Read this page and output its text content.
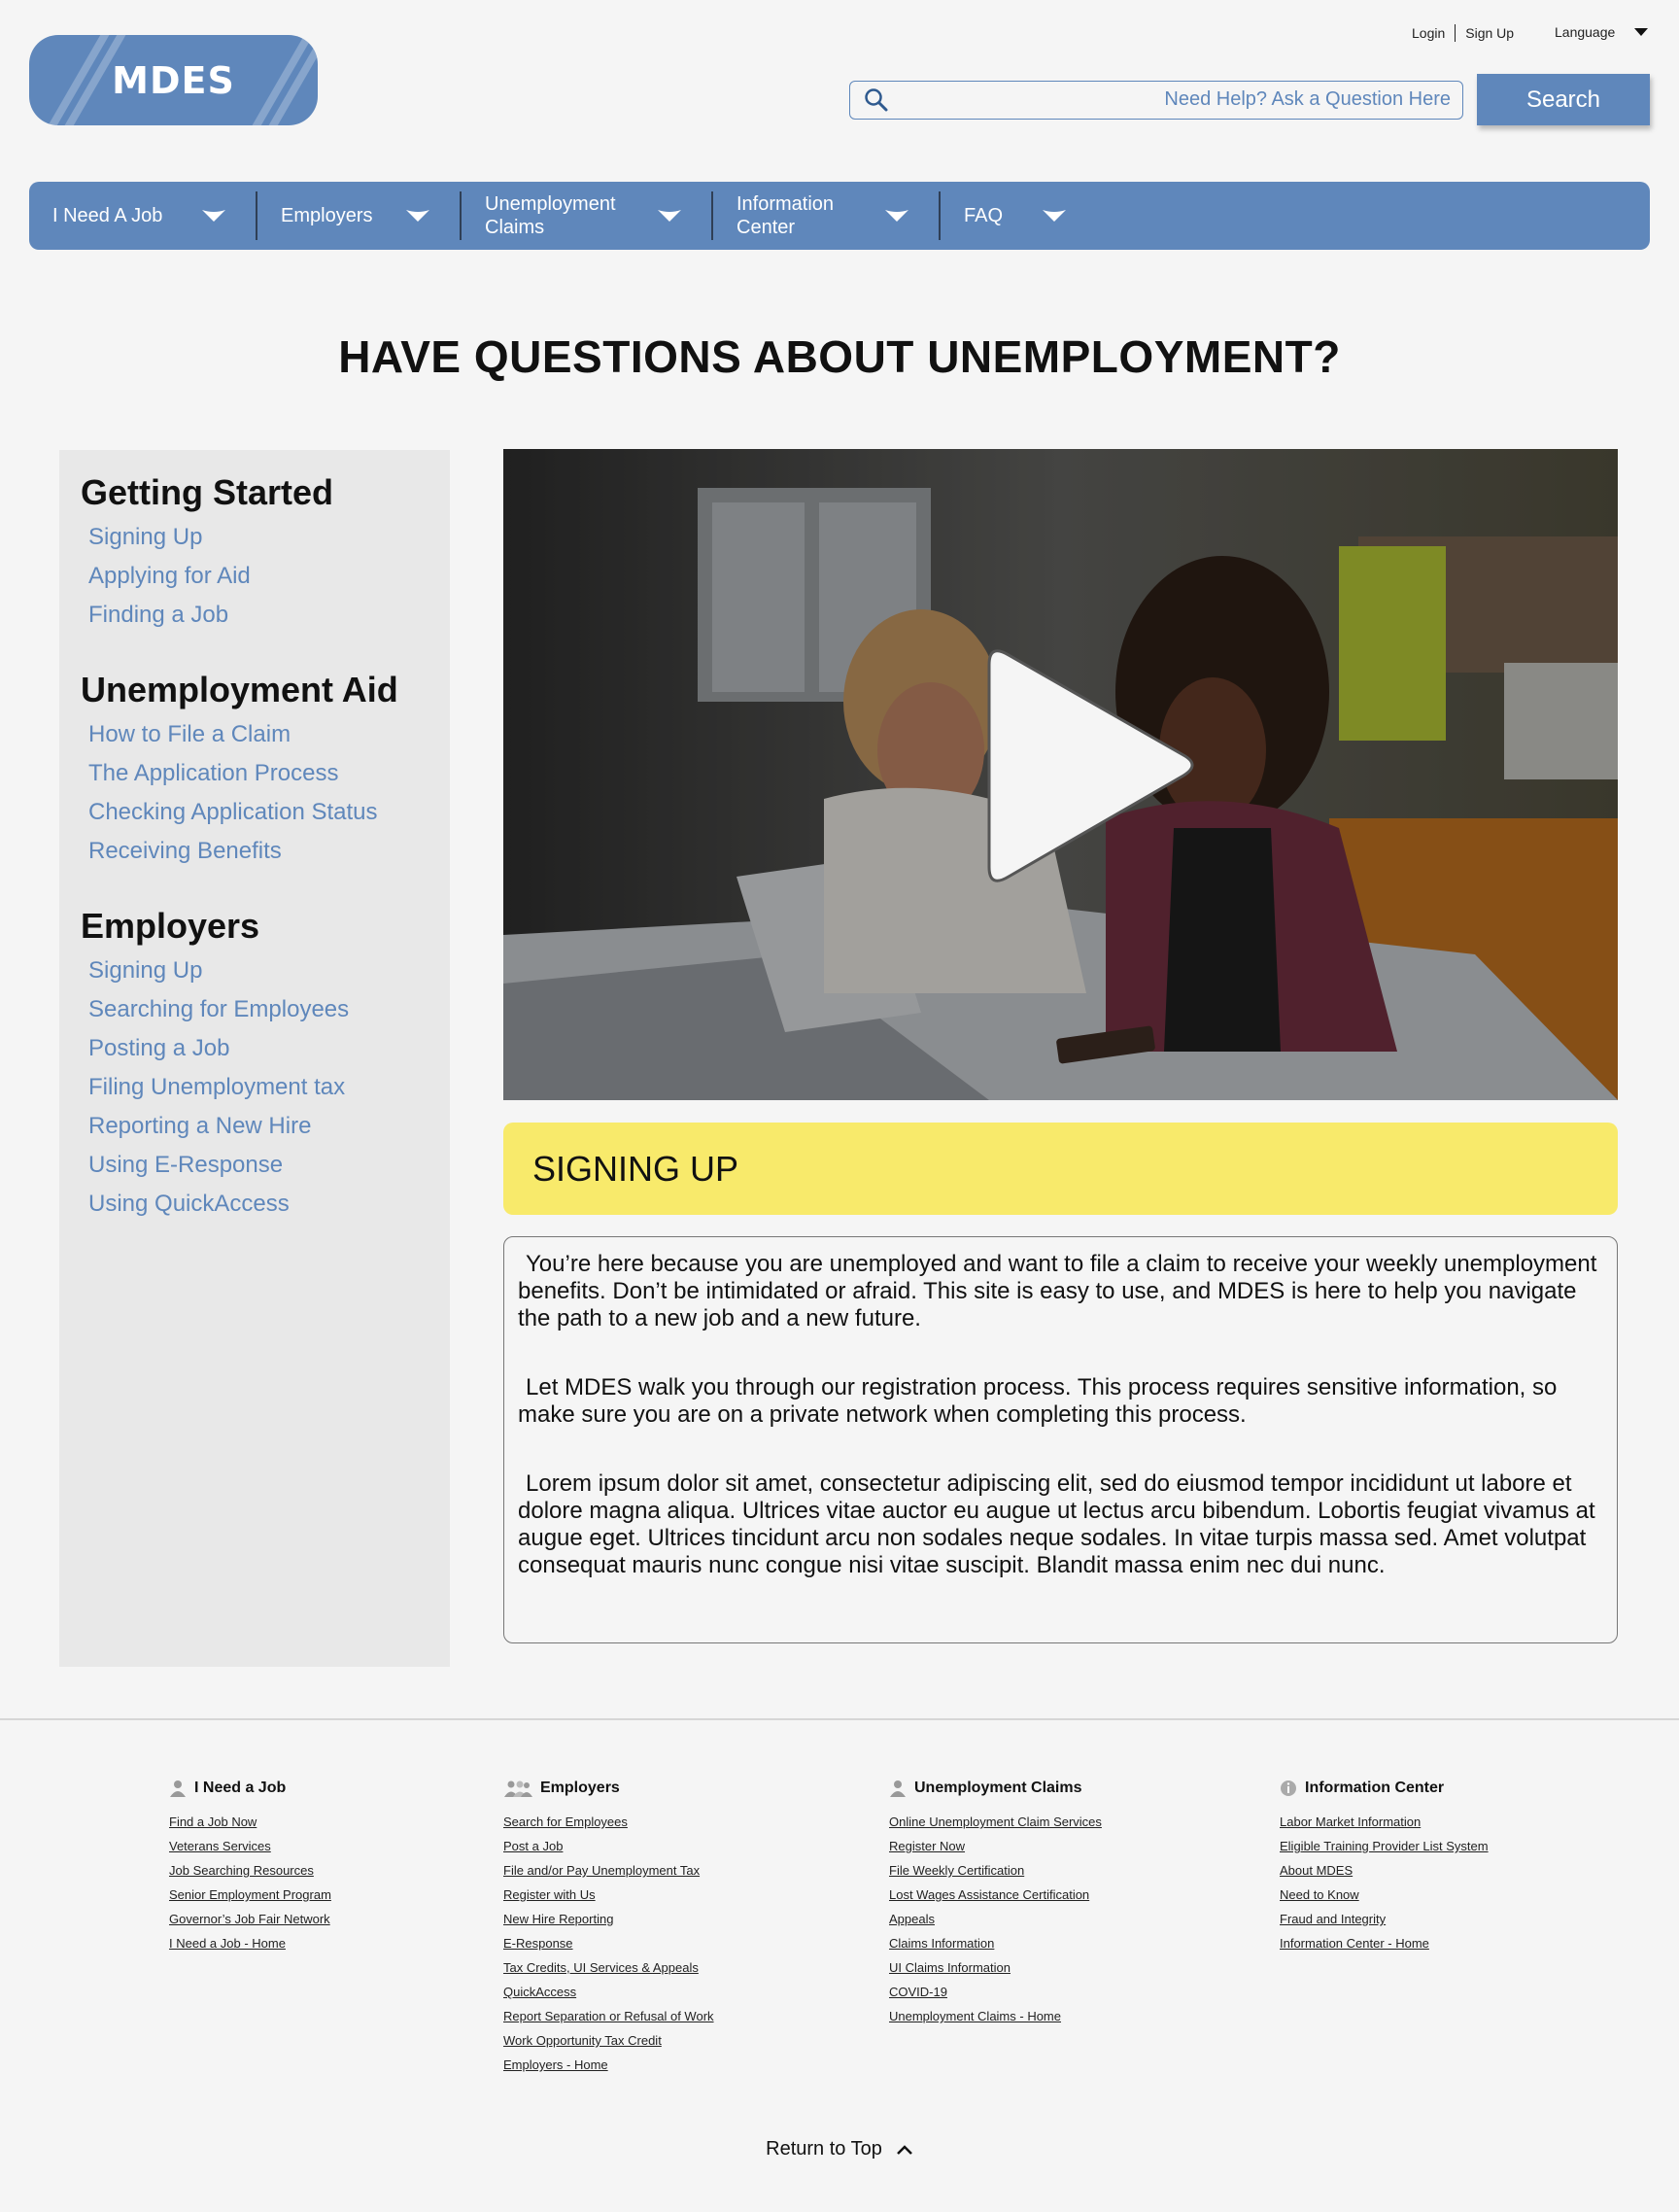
MDES
Login Sign Up	Language
Need Help? Ask a Question Here
Search
I Need A Job	Employers
Unemployment Claims
Information Center
FAQ
HAVE QUESTIONS ABOUT UNEMPLOYMENT?
Getting Started
Signing Up
Applying for Aid
Finding a Job
Unemployment Aid
How to File a Claim
The Application Process
Checking Application Status
Receiving Benefits
Employers
Signing Up
Searching for Employees
Posting a Job
Filing Unemployment tax
Reporting a New Hire
Using E-Response
Using QuickAccess
SIGNING UP

You’re here because you are unemployed and want to file a claim to receive your weekly unemployment benefits. Don’t be intimidated or afraid. This site is easy to use, and MDES is here to help you navigate the path to a new job and a new future.

Let MDES walk you through our registration process. This process requires sensitive information, so make sure you are on a private network when completing this process.

Lorem ipsum dolor sit amet, consectetur adipiscing elit, sed do eiusmod tempor incididunt ut labore et dolore magna aliqua. Ultrices vitae auctor eu augue ut lectus arcu bibendum. Lobortis feugiat vivamus at augue eget. Ultrices tincidunt arcu non sodales neque sodales. In vitae turpis massa sed. Amet volutpat consequat mauris nunc congue nisi vitae suscipit. Blandit massa enim nec dui nunc.

I Need a Job
Find a Job Now
Veterans Services
Job Searching Resources
Senior Employment Program
Governor’s Job Fair Network
I Need a Job - Home
Employers
Search for Employees
Post a Job
File and/or Pay Unemployment Tax
Register with Us
New Hire Reporting
E-Response
Tax Credits, UI Services & Appeals
QuickAccess
Report Separation or Refusal of Work
Work Opportunity Tax Credit
Employers - Home
Unemployment Claims
Online Unemployment Claim Services
Register Now
File Weekly Certification
Lost Wages Assistance Certification
Appeals
Claims Information
UI Claims Information
COVID-19
Unemployment Claims - Home
Information Center
Labor Market Information
Eligible Training Provider List System
About MDES
Need to Know
Fraud and Integrity
Information Center - Home
Return to Top
